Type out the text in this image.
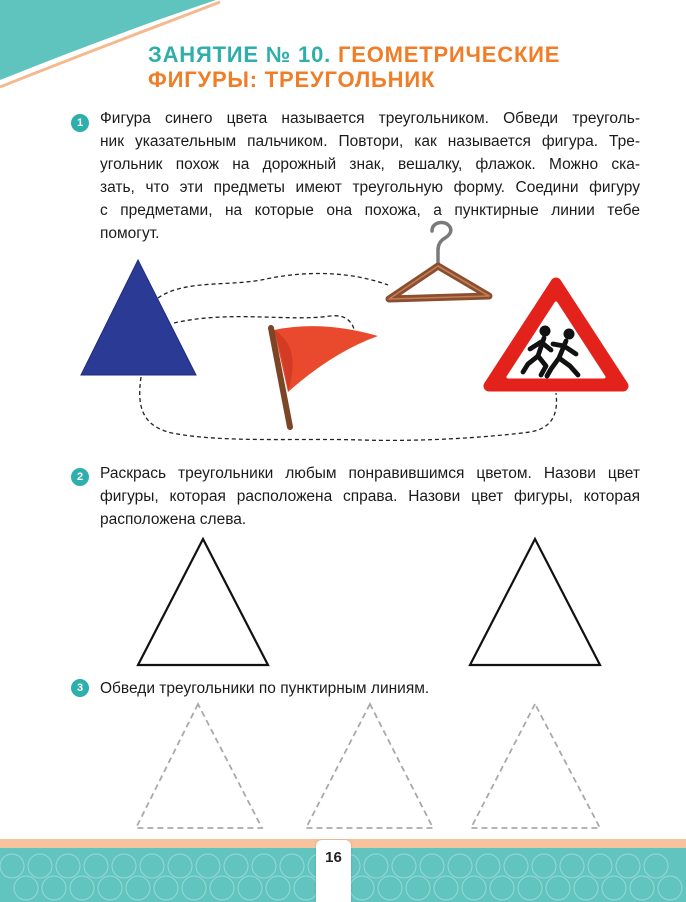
ЗАНЯТИЕ № 10. ГЕОМЕТРИЧЕСКИЕ
ФИГУРЫ: ТРЕУГОЛЬНИК
1	Фигура синего цвета называется треугольником. Обведи треуголь-
ник указательным пальчиком. Повтори, как называется фигура. Тре-
угольник похож на дорожный знак, вешалку, флажок. Можно ска-
зать, что эти предметы имеют треугольную форму. Соедини фигуру
с предметами, на которые она похожа, а пунктирные линии тебе
помогут.
2	Раскрась треугольники любым понравившимся цветом. Назови цвет
фигуры, которая расположена справа. Назови цвет фигуры, которая
расположена слева.
3	Обведи треугольники по пунктирным линиям.
16
